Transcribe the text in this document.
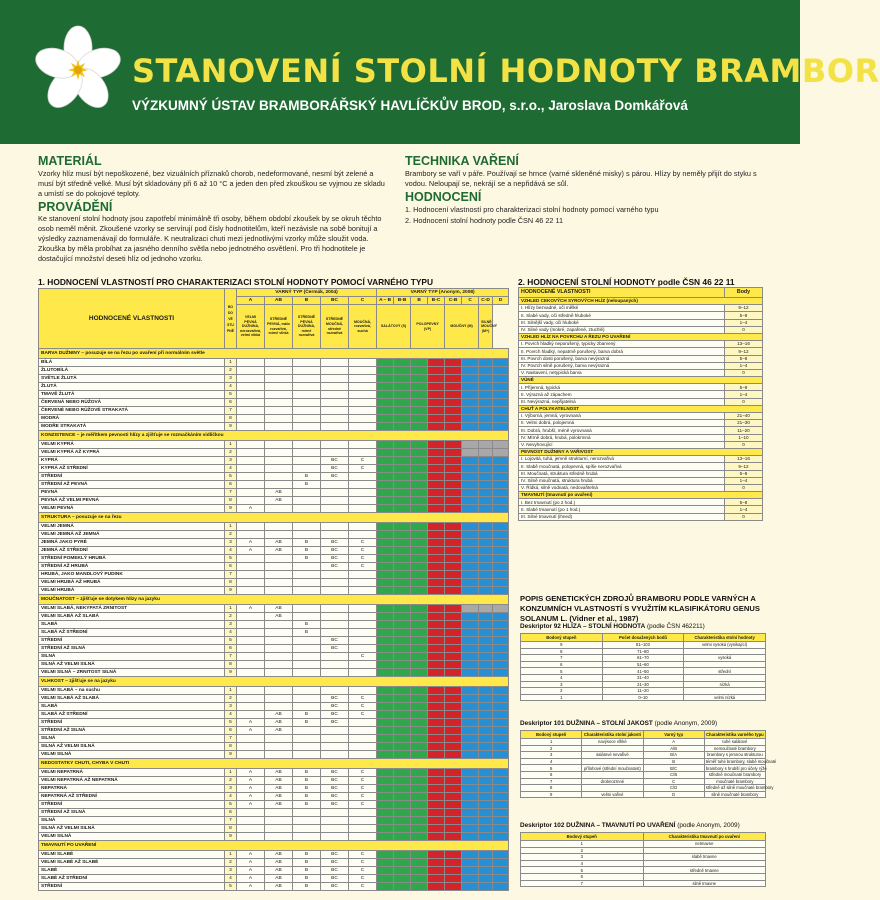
STANOVENÍ STOLNÍ HODNOTY BRAMBOR
VÝZKUMNÝ ÚSTAV BRAMBORÁŘSKÝ HAVLÍČKŮV BROD, s.r.o., Jaroslava Domkářová
MATERIÁL
Vzorky hlíz musí být nepoškozené, bez vizuálních příznaků chorob, nedeformované, nesmí být zelené a musí být středně velké. Musí být skladovány při 6 až 10 °C a jeden den před zkouškou se vyjmou ze skladu a umístí se do pokojové teploty.
PROVÁDĚNÍ
Ke stanovení stolní hodnoty jsou zapotřebí minimálně tři osoby, během období zkoušek by se okruh těchto osob neměl měnit. Zkoušené vzorky se servírují pod čísly hodnotitelům, kteří nezávisle na sobě bonitují a výsledky zaznamenávají do formuláře. K neutralizaci chuti mezi jednotlivými vzorky může sloužit voda. Zkouška by měla probíhat za jasného denního světla nebo jednotného osvětlení. Pro tři hodnotitele je dostačující množství deseti hlíz od jednoho vzorku.
TECHNIKA VAŘENÍ
Brambory se vaří v páře. Používají se hrnce (varné skleněné misky) s párou. Hlízy by neměly přijít do styku s vodou. Neloupají se, nekrájí se a nepřidává se sůl.
HODNOCENÍ
1. Hodnocení vlastností pro charakterizaci stolní hodnoty pomocí varného typu
2. Hodnocení stolní hodnoty podle ČSN 46 22 11
1. HODNOCENÍ VLASTNOSTÍ PRO CHARAKTERIZACI STOLNÍ HODNOTY POMOCÍ VARNÉHO TYPU
HODNOCENÉ VLASTNOSTI	BODOVÉ STUPNĚ	VARNÝ TYP (Čermák, 2004)					VARNÝ TYP (Anonym, 2008)							
		A	AB	B	BC	C	A – B	B-B	B	B-C	C-B	C	C-D	D
		VELMI PEVNÁ DUŽNINA, nerozvařivá, velmi vlhká	STŘEDNĚ PEVNÁ, málo rozvařivá, mírně vlhká	STŘEDNĚ PEVNÁ DUŽNINA, mírně rozvařivá	STŘEDNĚ MOUČNÁ, středně rozvařivá	MOUČNÁ, rozvařivá, suchá	SALÁTOVÝ (S)		POLOPEVNÝ (VP)		MOUČNÝ (M)		SILNĚ MOUČNÝ (M+)	
BARVA DUŽNINY – posuzuje se na řezu po uvaření při normálním světle														
BÍLÁ	1													
ŽLUTOBÍLÁ	2													
SVĚTLE ŽLUTÁ	3													
ŽLUTÁ	4													
TMAVĚ ŽLUTÁ	5													
ČERVENÁ NEBO RŮŽOVÁ	6													
ČERVENÉ NEBO RŮŽOVÉ STRAKATÁ	7													
MODRÁ	8													
MODŘE STRAKATÁ	9													
KONZISTENCE – je měřítkem pevnosti hlízy a zjišťuje se rozmačkáním vidličkou														
VELMI KYPRÁ	1													
VELMI KYPRÁ AŽ KYPRÁ	2													
KYPRÁ	3				BC	C								
KYPRÁ AŽ STŘEDNÍ	4				BC	C								
STŘEDNÍ	5			B	BC									
STŘEDNÍ AŽ PEVNÁ	6			B										
PEVNÁ	7		AB											
PEVNÁ AŽ VELMI PEVNÁ	8		AB											
VELMI PEVNÁ	9	A												
STRUKTURA – posuzuje se na řezu														
VELMI JEMNÁ	1													
VELMI JEMNÁ AŽ JEMNÁ	2													
JEMNÁ JAKO PYRÉ	3	A	AB	B	BC	C								
JEMNÁ AŽ STŘEDNÍ	4	A	AB	B	BC	C								
STŘEDNÍ POMEKLÝ HRUBÁ	5			B	BC	C								
STŘEDNÍ AŽ HRUBÁ	6				BC	C								
HRUBÁ, JAKO MANDLOVÝ PUDINK	7													
VELMI HRUBÁ AŽ HRUBÁ	8													
VELMI HRUBÁ	9													
MOUČNATOST – zjišťuje se dotykem hlízy na jazyku														
VELMI SLABÁ, NEKYPATÁ ZRNITOST	1	A	AB											
VELMI SLABÁ AŽ SLABÁ	2		AB											
SLABÁ	3			B										
SLABÁ AŽ STŘEDNÍ	4			B										
STŘEDNÍ	5				BC									
STŘEDNÍ AŽ SILNÁ	6				BC									
SILNÁ	7					C								
SILNÁ AŽ VELMI SILNÁ	8													
VELMI SILNÁ – ZRNITOST SILNÁ	9													
VLHKOST – zjišťuje se na jazyku														
VELMI SLABÁ – na suchu	1													
VELMI SLABÁ AŽ SLABÁ	2				BC	C								
SLABÁ	3				BC	C								
SLABÁ AŽ STŘEDNÍ	4		AB	B	BC	C								
STŘEDNÍ	5	A	AB	B	BC									
STŘEDNÍ AŽ SILNÁ	6	A	AB											
SILNÁ	7													
SILNÁ AŽ VELMI SILNÁ	8													
VELMI SILNÁ	9													
NEDOSTATKY CHUTI, CHYBA V CHUTI														
VELMI NEPATRNÁ	1	A	AB	B	BC	C								
VELMI NEPATRNÁ AŽ NEPATRNÁ	2	A	AB	B	BC	C								
NEPATRNÁ	3	A	AB	B	BC	C								
NEPATRNÁ AŽ STŘEDNÍ	4	A	AB	B	BC	C								
STŘEDNÍ	5	A	AB	B	BC	C								
STŘEDNÍ AŽ SILNÁ	6													
SILNÁ	7													
SILNÁ AŽ VELMI SILNÁ	8													
VELMI SILNÁ	9													
TMAVNUTÍ PO UVAŘENÍ														
VELMI SLABÉ	1	A	AB	B	BC	C								
VELMI SLABÉ AŽ SLABÉ	2	A	AB	B	BC	C								
SLABÉ	3	A	AB	B	BC	C								
SLABÉ AŽ STŘEDNÍ	4	A	AB	B	BC	C								
STŘEDNÍ	5	A	AB	B	BC	C								
2. HODNOCENÍ STOLNÍ HODNOTY podle ČSN 46 22 11
HODNOCENÉ VLASTNOSTI	Body
VZHLED CEKOVÝCH SYROVÝCH HLÍZ (neloupaných)	
I. Hlízy bezvadné, oči mělké	9–12
II. Slabé vady, oči středně hluboké	5–8
III. Silnější vady, oči hluboké	1–4
IV. Silné vady (mokré, zapařené, ztuchlé)	0
VZHLED HLÍZ NA POVRCHU A ŘEZU PO UVAŘENÍ	
I. Povrch hladký neporušený, typicky zbarvený	13–16
II. Povrch hladký, nepatrně porušený, barva dobrá	9–12
III. Povrch dosti porušený, barva nevýrazná	5–8
IV. Povrch silně porušený, barva nevýrazná	1–4
V. Nastavení, netypická barva	0
VŮNĚ	
I. Příjemná, typická	5–8
II. Výrazná až zápachem	1–4
III. Nevýrazná, nepřijatelná	0
CHUŤ A POLYKATELNOST	
I. Výborná, jemná, vyrovnaná	21–40
II. Velmi dobrá, polojemná	21–30
III. Dobrá, hrubší, méně vyrovnaná	11–20
IV. Mírně dobrá, hrubá, polokrmná	1–10
V. Nevyhovující	0
PEVNOST DUŽNINY A VAŘIVOST	
I. Lojovitá, tuhá, jemně strukturní, nerozvařivá	13–16
II. Slabě moučnatá, polopevná, spíše nerozvařivá	9–12
III. Moučnatá, struktura středně hrubá	5–8
IV. Silně moučnatá, struktura hrubá	1–4
V. Řídká, silně vodnatá, nedovařitelná	0
TMAVNUTÍ (tmavnutí po uvaření)	
I. Bez tmavnutí (po 2 hod.)	5–8
II. Slabé tmavnutí (po 1 hod.)	1–4
III. Silné tmavnutí (ihned)	0
POPIS GENETICKÝCH ZDROJŮ BRAMBORU PODLE VARNÝCH A KONZUMNÍCH VLASTNOSTÍ S VYUŽITÍM KLASIFIKÁTORU GENUS SOLANUM L. (Vidner et al., 1987)
Deskriptor 92 HLÍZA – STOLNÍ HODNOTA (podle ČSN 462211)
Bodový stupeň	Počet dosažených bodů	Charakteristika stolní hodnoty
9	81–103	velmi vysoká (vynikající)
8	71–80	
7	61–70	vysoká
6	51–60	
5	41–50	střední
4	31–40	
3	21–30	nízká
2	11–20	
1	0–10	velmi nízká
Deskriptor 101 DUŽNINA – STOLNÍ JAKOST (podle Anonym, 2009)
Bodový stupeň	Charakteristika stolní jakosti	Varný typ	Charakteristika varného typu
1	navýsoce vlhké	A	tuhé salátové
2		A/B	nemoučnaté brambory
3	salátové nevařivé	B/A	brambory s jemnou strukturou
4		B	téměř tuhé brambory, slabě moučnaté
5	přílohové (střední moučnatost)	B/C	brambory s hrubší pro účely rýže
6		C/B	středně moučnaté brambory
7	drobnozrnné	C	moučnaté brambory
8		C/D	středně až silně moučnaté brambory
9	velmi vařivé	D	silně moučnaté brambory
Deskriptor 102 DUŽNINA – TMAVNUTÍ PO UVAŘENÍ (podle Anonym, 2009)
Bodový stupeň	Charakteristika tmavnutí po uvaření
1	netmavne
2	
3	slabě tmavne
4	
5	středně tmavne
6	
7	silně tmavne
